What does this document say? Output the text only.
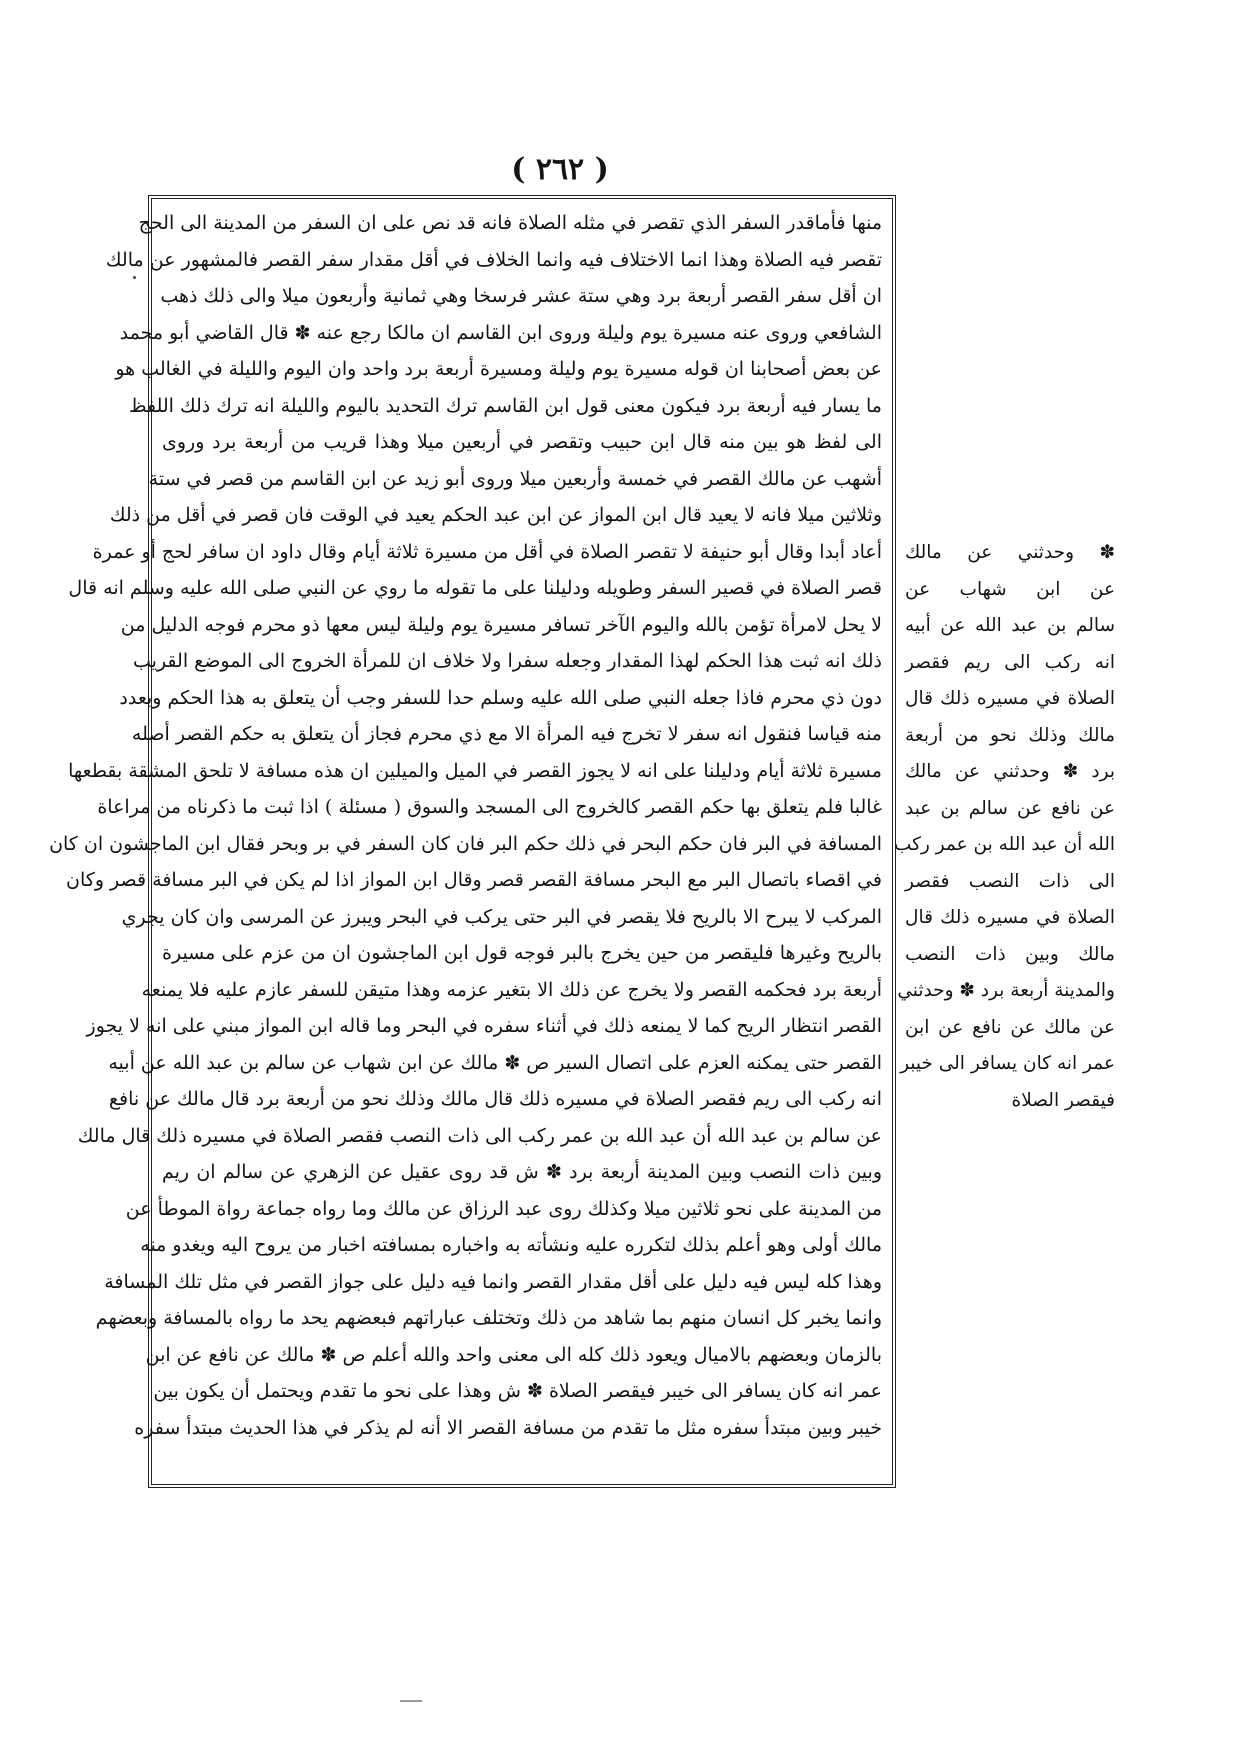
( ٢٦٢ )
منها فأماقدر السفر الذي تقصر في مثله الصلاة فانه قد نص على ان السفر من المدينة الى الحج
تقصر فيه الصلاة وهذا انما الاختلاف فيه وانما الخلاف في أقل مقدار سفر القصر فالمشهور عن مالك
ان أقل سفر القصر أربعة برد وهي ستة عشر فرسخا وهي ثمانية وأربعون ميلا والى ذلك ذهب
الشافعي وروى عنه مسيرة يوم وليلة وروى ابن القاسم ان مالكا رجع عنه ✽ قال القاضي أبو محمد
عن بعض أصحابنا ان قوله مسيرة يوم وليلة ومسيرة أربعة برد واحد وان اليوم والليلة في الغالب هو
ما يسار فيه أربعة برد فيكون معنى قول ابن القاسم ترك التحديد باليوم والليلة انه ترك ذلك اللفظ
الى لفظ هو بين منه قال ابن حبيب وتقصر في أربعين ميلا وهذا قريب من أربعة برد وروى
أشهب عن مالك القصر في خمسة وأربعين ميلا وروى أبو زيد عن ابن القاسم من قصر في ستة
وثلاثين ميلا فانه لا يعيد قال ابن المواز عن ابن عبد الحكم يعيد في الوقت فان قصر في أقل من ذلك
أعاد أبدا وقال أبو حنيفة لا تقصر الصلاة في أقل من مسيرة ثلاثة أيام وقال داود ان سافر لحج أو عمرة
قصر الصلاة في قصير السفر وطويله ودليلنا على ما تقوله ما روي عن النبي صلى الله عليه وسلم انه قال
لا يحل لامرأة تؤمن بالله واليوم الآخر تسافر مسيرة يوم وليلة ليس معها ذو محرم فوجه الدليل من
ذلك انه ثبت هذا الحكم لهذا المقدار وجعله سفرا ولا خلاف ان للمرأة الخروج الى الموضع القريب
دون ذي محرم فاذا جعله النبي صلى الله عليه وسلم حدا للسفر وجب أن يتعلق به هذا الحكم وبعدد
منه قياسا فنقول انه سفر لا تخرج فيه المرأة الا مع ذي محرم فجاز أن يتعلق به حكم القصر أصله
مسيرة ثلاثة أيام ودليلنا على انه لا يجوز القصر في الميل والميلين ان هذه مسافة لا تلحق المشقة بقطعها
غالبا فلم يتعلق بها حكم القصر كالخروج الى المسجد والسوق ( مسئلة ) اذا ثبت ما ذكرناه من مراعاة
المسافة في البر فان حكم البحر في ذلك حكم البر فان كان السفر في بر وبحر فقال ابن الماجشون ان كان
في اقصاء باتصال البر مع البحر مسافة القصر قصر وقال ابن المواز اذا لم يكن في البر مسافة قصر وكان
المركب لا يبرح الا بالريح فلا يقصر في البر حتى يركب في البحر ويبرز عن المرسى وان كان يجري
بالريح وغيرها فليقصر من حين يخرج بالبر فوجه قول ابن الماجشون ان من عزم على مسيرة
أربعة برد فحكمه القصر ولا يخرج عن ذلك الا بتغير عزمه وهذا متيقن للسفر عازم عليه فلا يمنعه
القصر انتظار الريح كما لا يمنعه ذلك في أثناء سفره في البحر وما قاله ابن المواز مبني على انه لا يجوز
القصر حتى يمكنه العزم على اتصال السير ص ✽ مالك عن ابن شهاب عن سالم بن عبد الله عن أبيه
انه ركب الى ريم فقصر الصلاة في مسيره ذلك قال مالك وذلك نحو من أربعة برد قال مالك عن نافع
عن سالم بن عبد الله أن عبد الله بن عمر ركب الى ذات النصب فقصر الصلاة في مسيره ذلك قال مالك
وبين ذات النصب وبين المدينة أربعة برد ✽ ش قد روى عقيل عن الزهري عن سالم ان ريم
من المدينة على نحو ثلاثين ميلا وكذلك روى عبد الرزاق عن مالك وما رواه جماعة رواة الموطأ عن
مالك أولى وهو أعلم بذلك لتكرره عليه ونشأته به واخباره بمسافته اخبار من يروح اليه ويغدو منه
وهذا كله ليس فيه دليل على أقل مقدار القصر وانما فيه دليل على جواز القصر في مثل تلك المسافة
وانما يخبر كل انسان منهم بما شاهد من ذلك وتختلف عباراتهم فبعضهم يحد ما رواه بالمسافة وبعضهم
بالزمان وبعضهم بالاميال ويعود ذلك كله الى معنى واحد والله أعلم ص ✽ مالك عن نافع عن ابن
عمر انه كان يسافر الى خيبر فيقصر الصلاة ✽ ش وهذا على نحو ما تقدم ويحتمل أن يكون بين
خيبر وبين مبتدأ سفره مثل ما تقدم من مسافة القصر الا أنه لم يذكر في هذا الحديث مبتدأ سفره
✽ وحدثني عن مالك
عن ابن شهاب عن
سالم بن عبد الله عن أبيه
انه ركب الى ريم فقصر
الصلاة في مسيره ذلك قال
مالك وذلك نحو من أربعة
برد ✽ وحدثني عن مالك
عن نافع عن سالم بن عبد
الله أن عبد الله بن عمر ركب
الى ذات النصب فقصر
الصلاة في مسيره ذلك قال
مالك وبين ذات النصب
والمدينة أربعة برد ✽ وحدثني
عن مالك عن نافع عن ابن
عمر انه كان يسافر الى خيبر
فيقصر الصلاة
